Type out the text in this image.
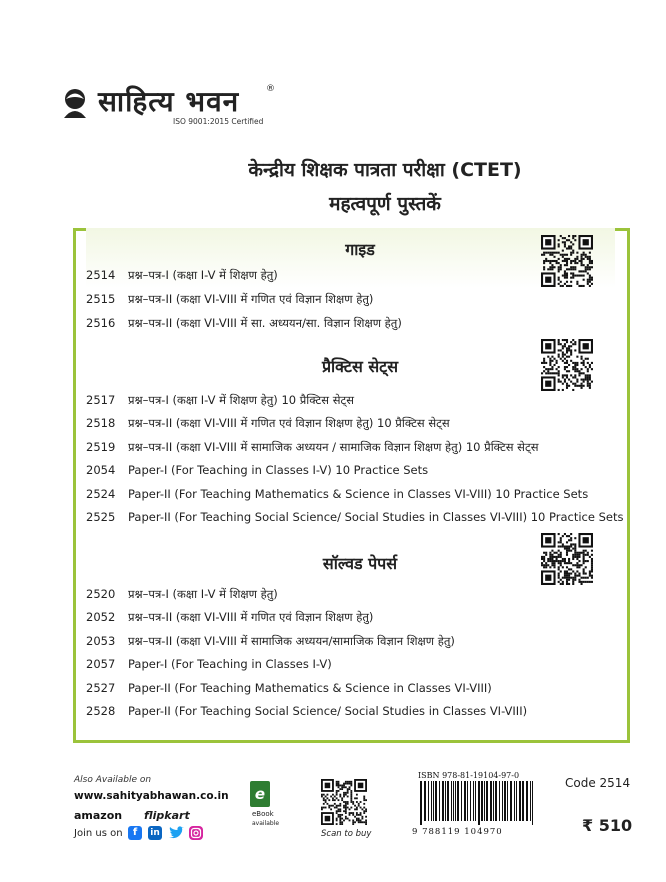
साहित्य भवन	®
ISO 9001:2015 Certified
केन्द्रीय शिक्षक पात्रता परीक्षा (CTET)
महत्वपूर्ण पुस्तकें
गाइड
2514 प्रश्न–पत्र-I (कक्षा I-V में शिक्षण हेतु)
2515 प्रश्न–पत्र-II (कक्षा VI-VIII में गणित एवं विज्ञान शिक्षण हेतु)
2516 प्रश्न–पत्र-II (कक्षा VI-VIII में सा. अध्ययन/सा. विज्ञान शिक्षण हेतु)
प्रैक्टिस सेट्स
2517 प्रश्न–पत्र-I (कक्षा I-V में शिक्षण हेतु) 10 प्रैक्टिस सेट्स
2518 प्रश्न–पत्र-II (कक्षा VI-VIII में गणित एवं विज्ञान शिक्षण हेतु) 10 प्रैक्टिस सेट्स
2519 प्रश्न–पत्र-II (कक्षा VI-VIII में सामाजिक अध्ययन / सामाजिक विज्ञान शिक्षण हेतु) 10 प्रैक्टिस सेट्स
2054 Paper-I (For Teaching in Classes I-V) 10 Practice Sets
2524 Paper-II (For Teaching Mathematics & Science in Classes VI-VIII) 10 Practice Sets
2525 Paper-II (For Teaching Social Science/ Social Studies in Classes VI-VIII) 10 Practice Sets
सॉल्वड पेपर्स
2520 प्रश्न–पत्र-I (कक्षा I-V में शिक्षण हेतु)
2052 प्रश्न–पत्र-II (कक्षा VI-VIII में गणित एवं विज्ञान शिक्षण हेतु)
2053 प्रश्न–पत्र-II (कक्षा VI-VIII में सामाजिक अध्ययन/सामाजिक विज्ञान शिक्षण हेतु)
2057 Paper-I (For Teaching in Classes I-V)
2527 Paper-II (For Teaching Mathematics & Science in Classes VI-VIII)
2528 Paper-II (For Teaching Social Science/ Social Studies in Classes VI-VIII)
Also Available on
www.sahityabhawan.co.in
amazon flipkart
Join us on	f	in
e
eBook
available
Scan to buy
ISBN 978-81-19104-97-0
9 788119 104970
Code 2514
₹ 510
